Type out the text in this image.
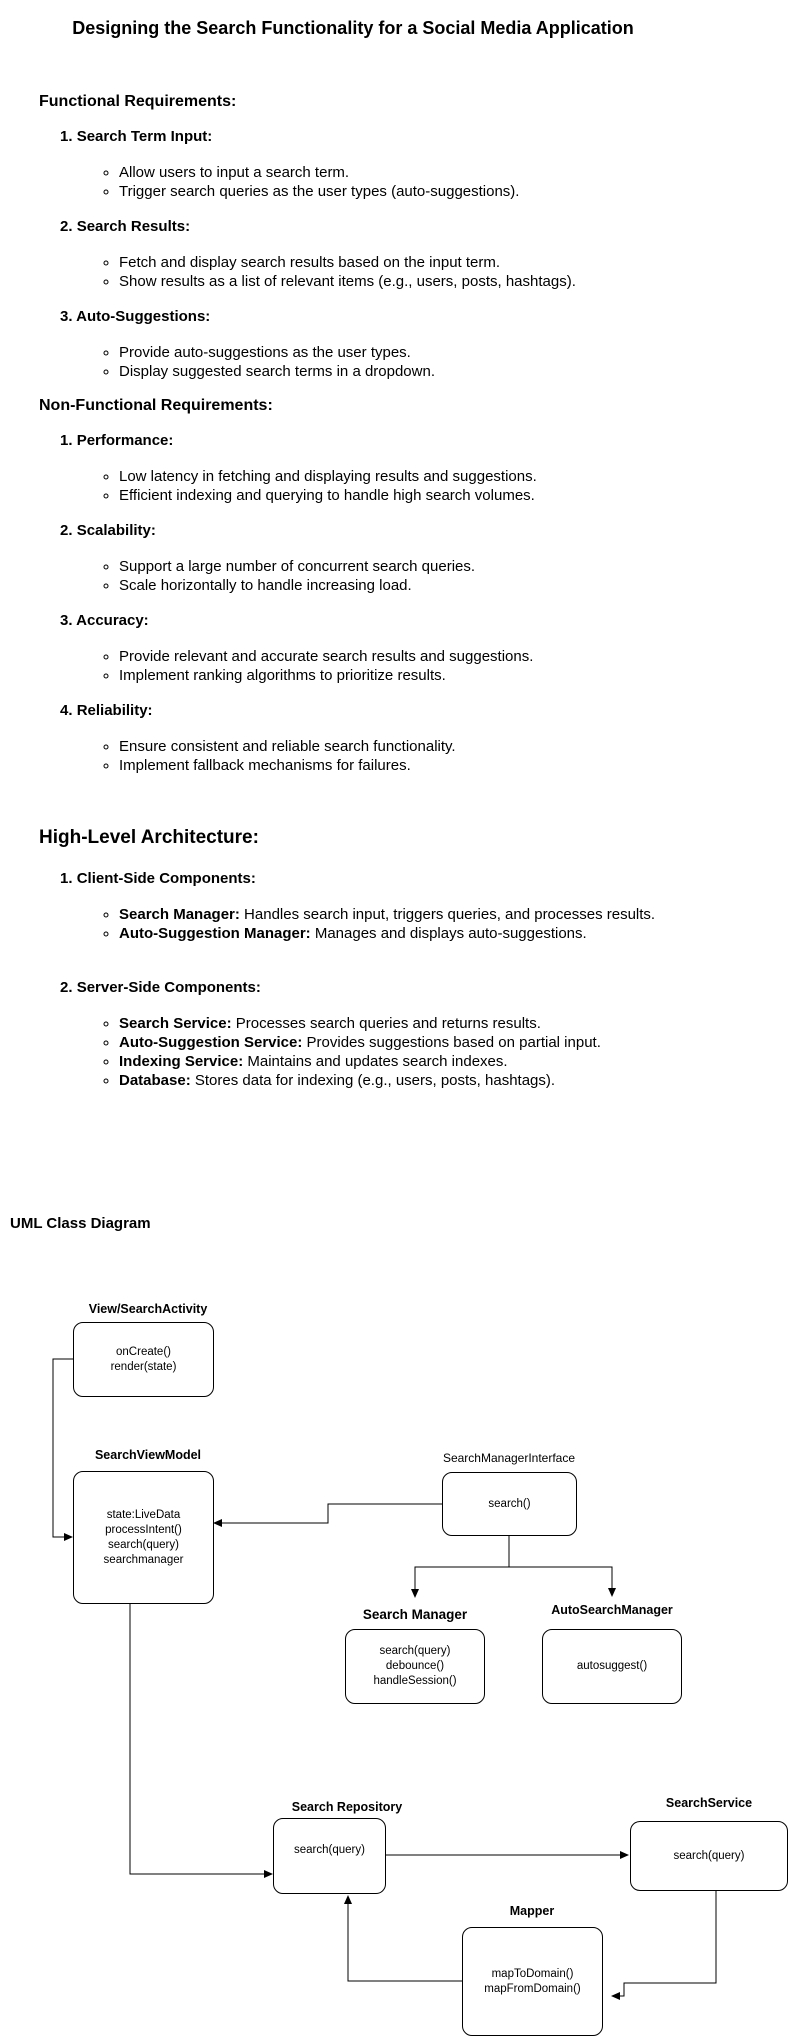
Designing the Search Functionality for a Social Media Application
Functional Requirements:
1. Search Term Input:
◦ Allow users to input a search term.
◦ Trigger search queries as the user types (auto-suggestions).
2. Search Results:
◦ Fetch and display search results based on the input term.
◦ Show results as a list of relevant items (e.g., users, posts, hashtags).
3. Auto-Suggestions:
◦ Provide auto-suggestions as the user types.
◦ Display suggested search terms in a dropdown.
Non-Functional Requirements:
1. Performance:
◦ Low latency in fetching and displaying results and suggestions.
◦ Efficient indexing and querying to handle high search volumes.
2. Scalability:
◦ Support a large number of concurrent search queries.
◦ Scale horizontally to handle increasing load.
3. Accuracy:
◦ Provide relevant and accurate search results and suggestions.
◦ Implement ranking algorithms to prioritize results.
4. Reliability:
◦ Ensure consistent and reliable search functionality.
◦ Implement fallback mechanisms for failures.
High-Level Architecture:
1. Client-Side Components:
◦ Search Manager: Handles search input, triggers queries, and processes results.
◦ Auto-Suggestion Manager: Manages and displays auto-suggestions.
2. Server-Side Components:
◦ Search Service: Processes search queries and returns results.
◦ Auto-Suggestion Service: Provides suggestions based on partial input.
◦ Indexing Service: Maintains and updates search indexes.
◦ Database: Stores data for indexing (e.g., users, posts, hashtags).
UML Class Diagram
View/SearchActivity
onCreate()
render(state)
SearchViewModel
state:LiveData
processIntent()
search(query)
searchmanager
SearchManagerInterface
search()
Search Manager
search(query)
debounce()
handleSession()
AutoSearchManager
autosuggest()
Search Repository
search(query)
SearchService
search(query)
Mapper
mapToDomain()
mapFromDomain()
